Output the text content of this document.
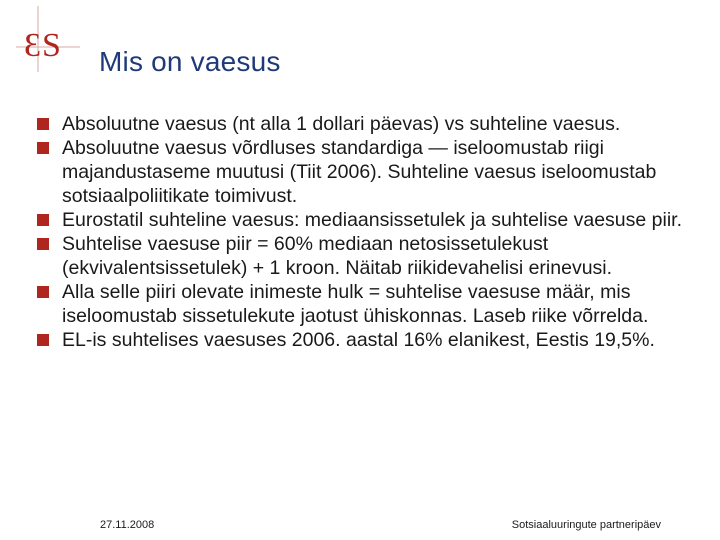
ƐS Mis on vaesus
Absoluutne vaesus (nt alla 1 dollari päevas) vs suhteline vaesus.
Absoluutne vaesus võrdluses standardiga — iseloomustab riigi majandustaseme muutusi (Tiit 2006). Suhteline vaesus iseloomustab sotsiaalpoliitikate toimivust.
Eurostatil suhteline vaesus: mediaansissetulek ja suhtelise vaesuse piir.
Suhtelise vaesuse piir = 60% mediaan netosissetulekust (ekvivalentsissetulek) + 1 kroon. Näitab riikidevahelisi erinevusi.
Alla selle piiri olevate inimeste hulk = suhtelise vaesuse määr, mis iseloomustab sissetulekute jaotust ühiskonnas. Laseb riike võrrelda.
EL-is suhtelises vaesuses 2006. aastal 16% elanikest, Eestis 19,5%.
27.11.2008	Sotsiaaluuringute partneripäev
